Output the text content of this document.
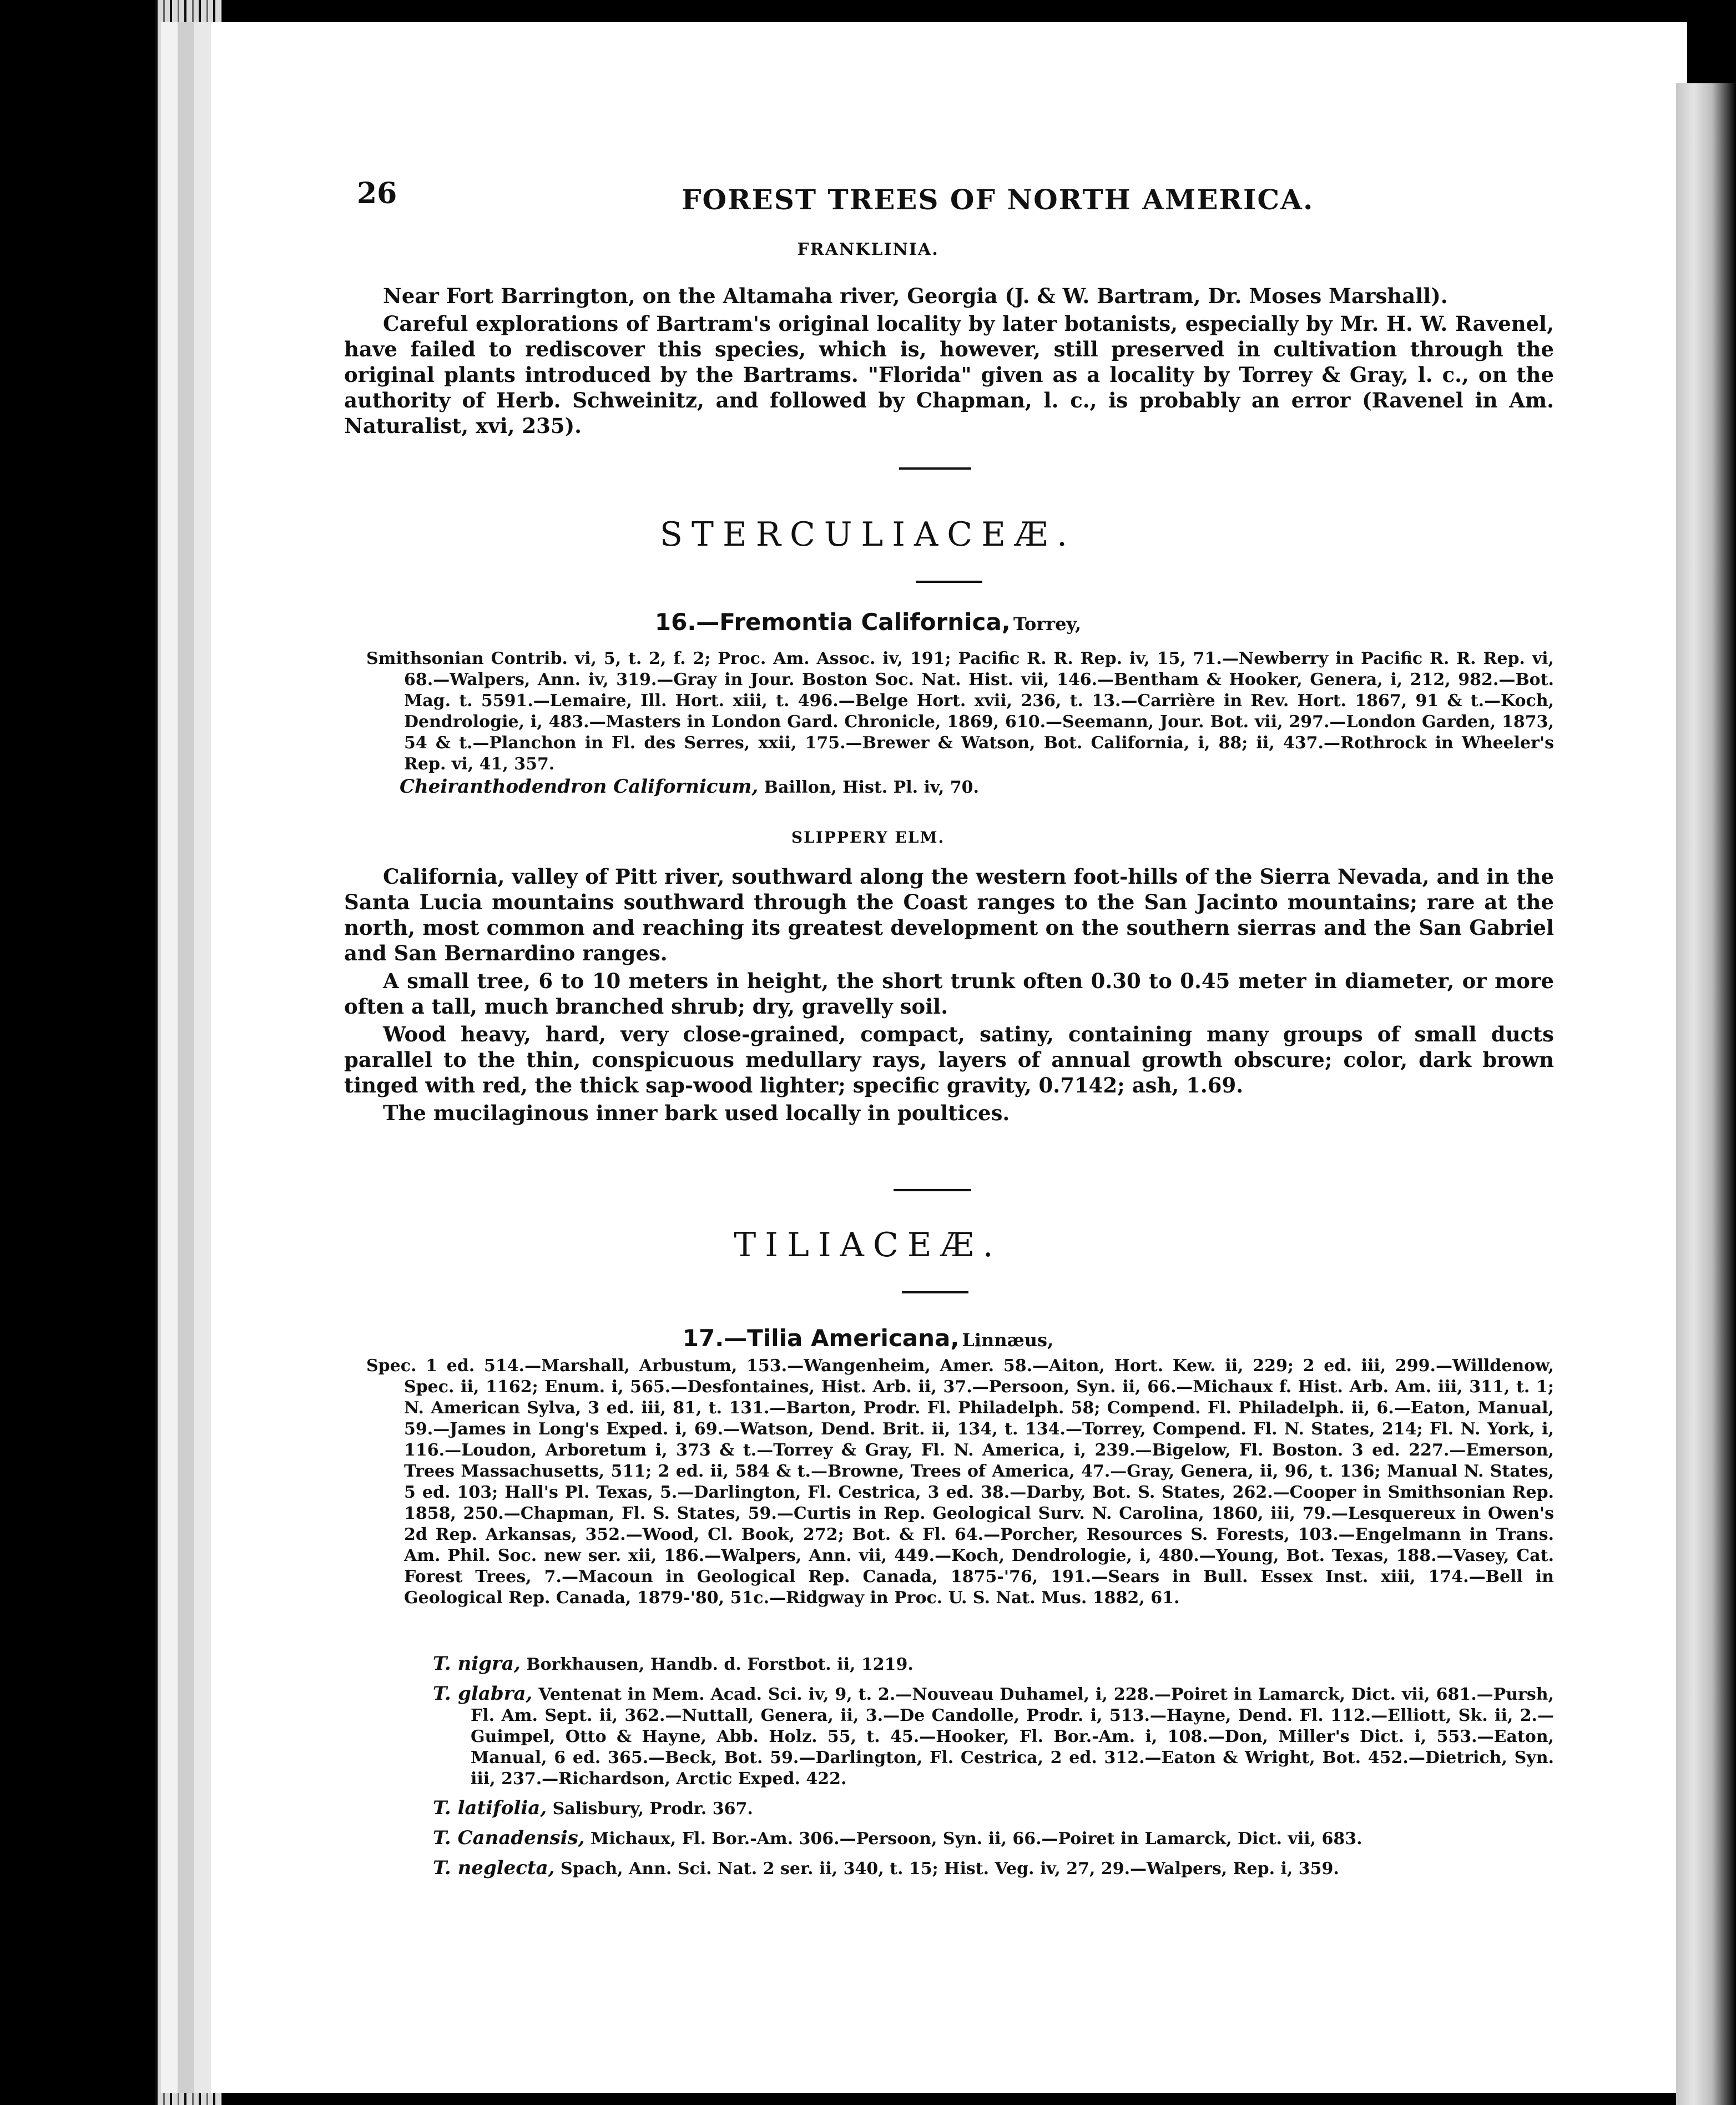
26	FOREST TREES OF NORTH AMERICA.
FRANKLINIA.

Near Fort Barrington, on the Altamaha river, Georgia (J. & W. Bartram, Dr. Moses Marshall).

Careful explorations of Bartram's original locality by later botanists, especially by Mr. H. W. Ravenel, have failed to rediscover this species, which is, however, still preserved in cultivation through the original plants introduced by the Bartrams. "Florida" given as a locality by Torrey & Gray, l. c., on the authority of Herb. Schweinitz, and followed by Chapman, l. c., is probably an error (Ravenel in Am. Naturalist, xvi, 235).

STERCULIACEÆ.
16.—Fremontia Californica, Torrey,

Smithsonian Contrib. vi, 5, t. 2, f. 2; Proc. Am. Assoc. iv, 191; Pacific R. R. Rep. iv, 15, 71.—Newberry in Pacific R. R. Rep. vi, 68.—Walpers, Ann. iv, 319.—Gray in Jour. Boston Soc. Nat. Hist. vii, 146.—Bentham & Hooker, Genera, i, 212, 982.—Bot. Mag. t. 5591.—Lemaire, Ill. Hort. xiii, t. 496.—Belge Hort. xvii, 236, t. 13.—Carrière in Rev. Hort. 1867, 91 & t.—Koch, Dendrologie, i, 483.—Masters in London Gard. Chronicle, 1869, 610.—Seemann, Jour. Bot. vii, 297.—London Garden, 1873, 54 & t.—Planchon in Fl. des Serres, xxii, 175.—Brewer & Watson, Bot. California, i, 88; ii, 437.—Rothrock in Wheeler's Rep. vi, 41, 357.

Cheiranthodendron Californicum, Baillon, Hist. Pl. iv, 70.

SLIPPERY ELM.

California, valley of Pitt river, southward along the western foot-hills of the Sierra Nevada, and in the Santa Lucia mountains southward through the Coast ranges to the San Jacinto mountains; rare at the north, most common and reaching its greatest development on the southern sierras and the San Gabriel and San Bernardino ranges.

A small tree, 6 to 10 meters in height, the short trunk often 0.30 to 0.45 meter in diameter, or more often a tall, much branched shrub; dry, gravelly soil.

Wood heavy, hard, very close-grained, compact, satiny, containing many groups of small ducts parallel to the thin, conspicuous medullary rays, layers of annual growth obscure; color, dark brown tinged with red, the thick sap-wood lighter; specific gravity, 0.7142; ash, 1.69.

The mucilaginous inner bark used locally in poultices.

TILIACEÆ.
17.—Tilia Americana, Linnæus,

Spec. 1 ed. 514.—Marshall, Arbustum, 153.—Wangenheim, Amer. 58.—Aiton, Hort. Kew. ii, 229; 2 ed. iii, 299.—Willdenow, Spec. ii, 1162; Enum. i, 565.—Desfontaines, Hist. Arb. ii, 37.—Persoon, Syn. ii, 66.—Michaux f. Hist. Arb. Am. iii, 311, t. 1; N. American Sylva, 3 ed. iii, 81, t. 131.—Barton, Prodr. Fl. Philadelph. 58; Compend. Fl. Philadelph. ii, 6.—Eaton, Manual, 59.—James in Long's Exped. i, 69.—Watson, Dend. Brit. ii, 134, t. 134.—Torrey, Compend. Fl. N. States, 214; Fl. N. York, i, 116.—Loudon, Arboretum i, 373 & t.—Torrey & Gray, Fl. N. America, i, 239.—Bigelow, Fl. Boston. 3 ed. 227.—Emerson, Trees Massachusetts, 511; 2 ed. ii, 584 & t.—Browne, Trees of America, 47.—Gray, Genera, ii, 96, t. 136; Manual N. States, 5 ed. 103; Hall's Pl. Texas, 5.—Darlington, Fl. Cestrica, 3 ed. 38.—Darby, Bot. S. States, 262.—Cooper in Smithsonian Rep. 1858, 250.—Chapman, Fl. S. States, 59.—Curtis in Rep. Geological Surv. N. Carolina, 1860, iii, 79.—Lesquereux in Owen's 2d Rep. Arkansas, 352.—Wood, Cl. Book, 272; Bot. & Fl. 64.—Porcher, Resources S. Forests, 103.—Engelmann in Trans. Am. Phil. Soc. new ser. xii, 186.—Walpers, Ann. vii, 449.—Koch, Dendrologie, i, 480.—Young, Bot. Texas, 188.—Vasey, Cat. Forest Trees, 7.—Macoun in Geological Rep. Canada, 1875-'76, 191.—Sears in Bull. Essex Inst. xiii, 174.—Bell in Geological Rep. Canada, 1879-'80, 51c.—Ridgway in Proc. U. S. Nat. Mus. 1882, 61.

T. nigra, Borkhausen, Handb. d. Forstbot. ii, 1219.

T. glabra, Ventenat in Mem. Acad. Sci. iv, 9, t. 2.—Nouveau Duhamel, i, 228.—Poiret in Lamarck, Dict. vii, 681.—Pursh, Fl. Am. Sept. ii, 362.—Nuttall, Genera, ii, 3.—De Candolle, Prodr. i, 513.—Hayne, Dend. Fl. 112.—Elliott, Sk. ii, 2.—Guimpel, Otto & Hayne, Abb. Holz. 55, t. 45.—Hooker, Fl. Bor.-Am. i, 108.—Don, Miller's Dict. i, 553.—Eaton, Manual, 6 ed. 365.—Beck, Bot. 59.—Darlington, Fl. Cestrica, 2 ed. 312.—Eaton & Wright, Bot. 452.—Dietrich, Syn. iii, 237.—Richardson, Arctic Exped. 422.

T. latifolia, Salisbury, Prodr. 367.

T. Canadensis, Michaux, Fl. Bor.-Am. 306.—Persoon, Syn. ii, 66.—Poiret in Lamarck, Dict. vii, 683.

T. neglecta, Spach, Ann. Sci. Nat. 2 ser. ii, 340, t. 15; Hist. Veg. iv, 27, 29.—Walpers, Rep. i, 359.
